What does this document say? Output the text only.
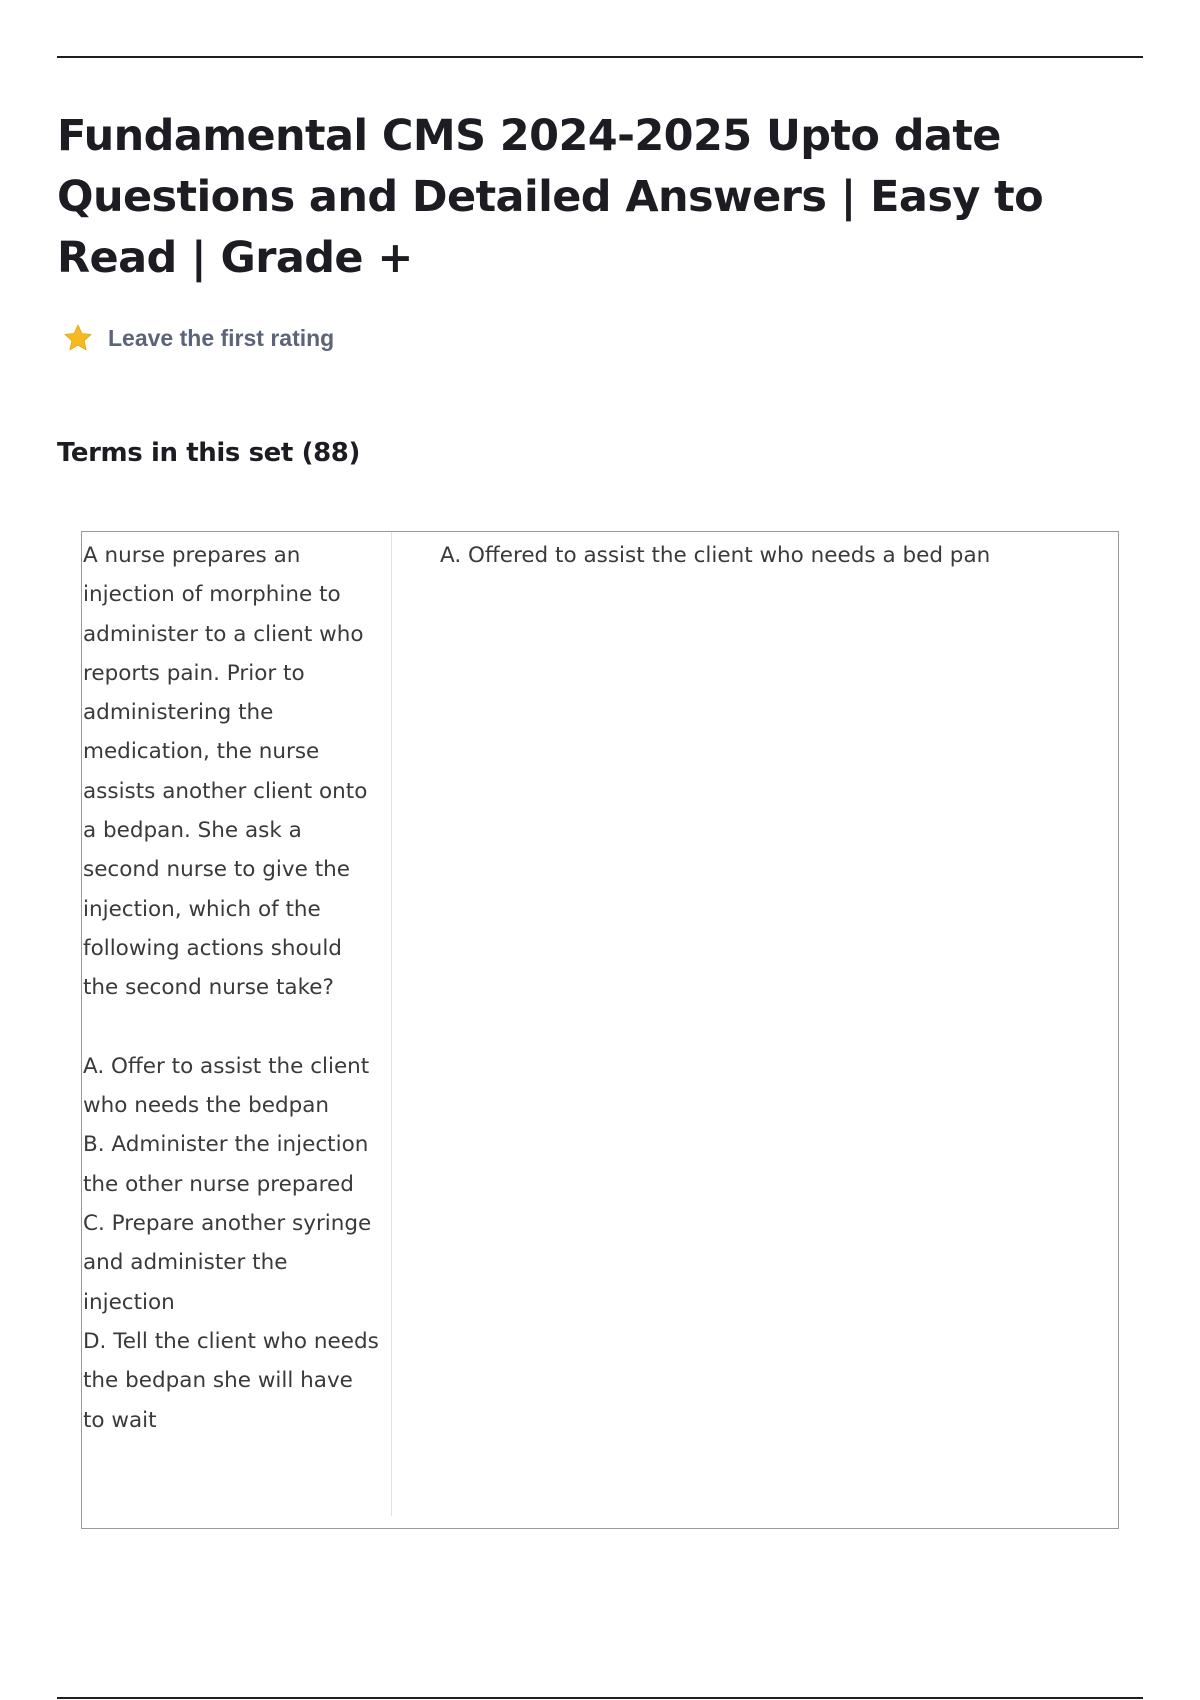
Fundamental CMS 2024-2025 Upto date Questions and Detailed Answers | Easy to Read | Grade +
Leave the first rating
Terms in this set (88)

A nurse prepares an injection of morphine to administer to a client who reports pain. Prior to administering the medication, the nurse assists another client onto a bedpan. She ask a second nurse to give the injection, which of the following actions should the second nurse take?

A. Offer to assist the client who needs the bedpan
B. Administer the injection the other nurse prepared
C. Prepare another syringe and administer the injection
D. Tell the client who needs the bedpan she will have to wait

A. Offered to assist the client who needs a bed pan
